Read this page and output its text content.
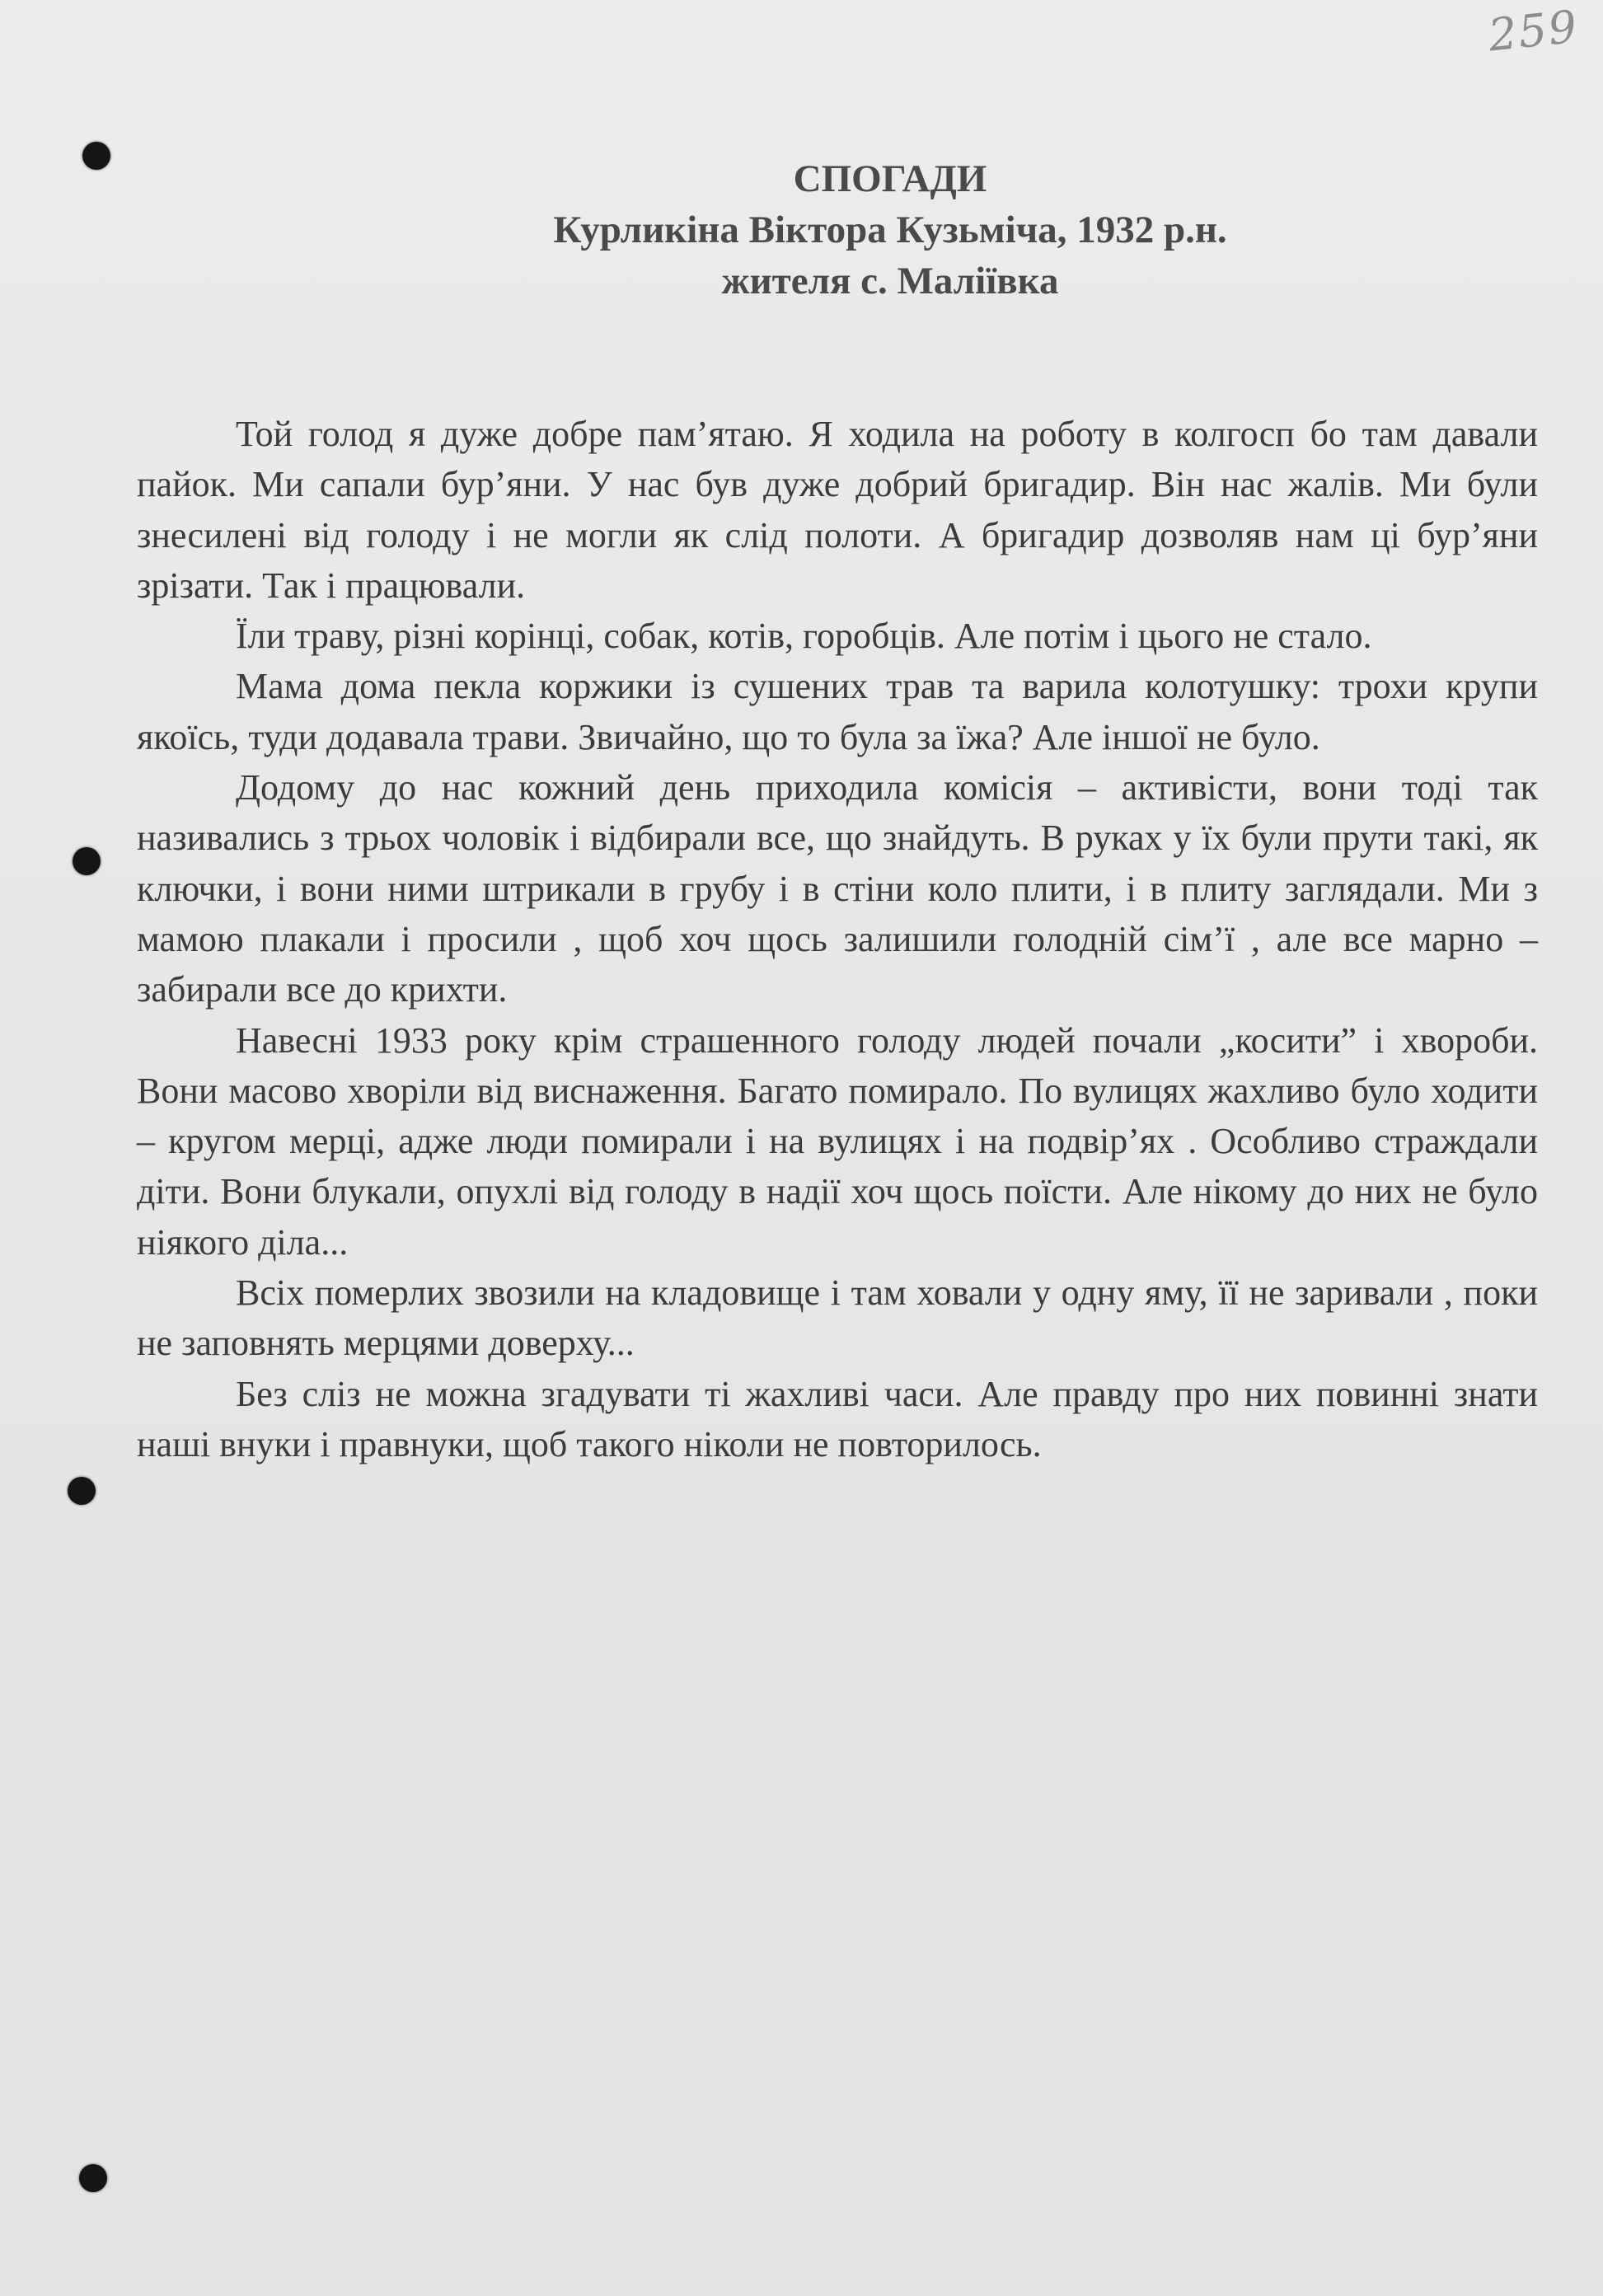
259
СПОГАДИ
Курликіна Віктора Кузьміча, 1932 р.н.
жителя с. Маліївка

Той голод я дуже добре пам’ятаю. Я ходила на роботу в колгосп бо там давали пайок. Ми сапали бур’яни. У нас був дуже добрий бригадир. Він нас жалів. Ми були знесилені від голоду і не могли як слід полоти. А бригадир дозволяв нам ці бур’яни зрізати. Так і працювали.

Їли траву, різні корінці, собак, котів, горобців. Але потім і цього не стало.

Мама дома пекла коржики із сушених трав та варила колотушку: трохи крупи якоїсь, туди додавала трави. Звичайно, що то була за їжа? Але іншої не було.

Додому до нас кожний день приходила комісія – активісти, вони тоді так називались з трьох чоловік і відбирали все, що знайдуть. В руках у їх були прути такі, як ключки, і вони ними штрикали в грубу і в стіни коло плити, і в плиту заглядали. Ми з мамою плакали і просили , щоб хоч щось залишили голодній сім’ї , але все марно – забирали все до крихти.

Навесні 1933 року крім страшенного голоду людей почали „косити” і хвороби. Вони масово хворіли від виснаження. Багато помирало. По вулицях жахливо було ходити – кругом мерці, адже люди помирали і на вулицях і на подвір’ях . Особливо страждали діти. Вони блукали, опухлі від голоду в надії хоч щось поїсти. Але нікому до них не було ніякого діла...

Всіх померлих звозили на кладовище і там ховали у одну яму, її не заривали , поки не заповнять мерцями доверху...

Без сліз не можна згадувати ті жахливі часи. Але правду про них повинні знати наші внуки і правнуки, щоб такого ніколи не повторилось.
